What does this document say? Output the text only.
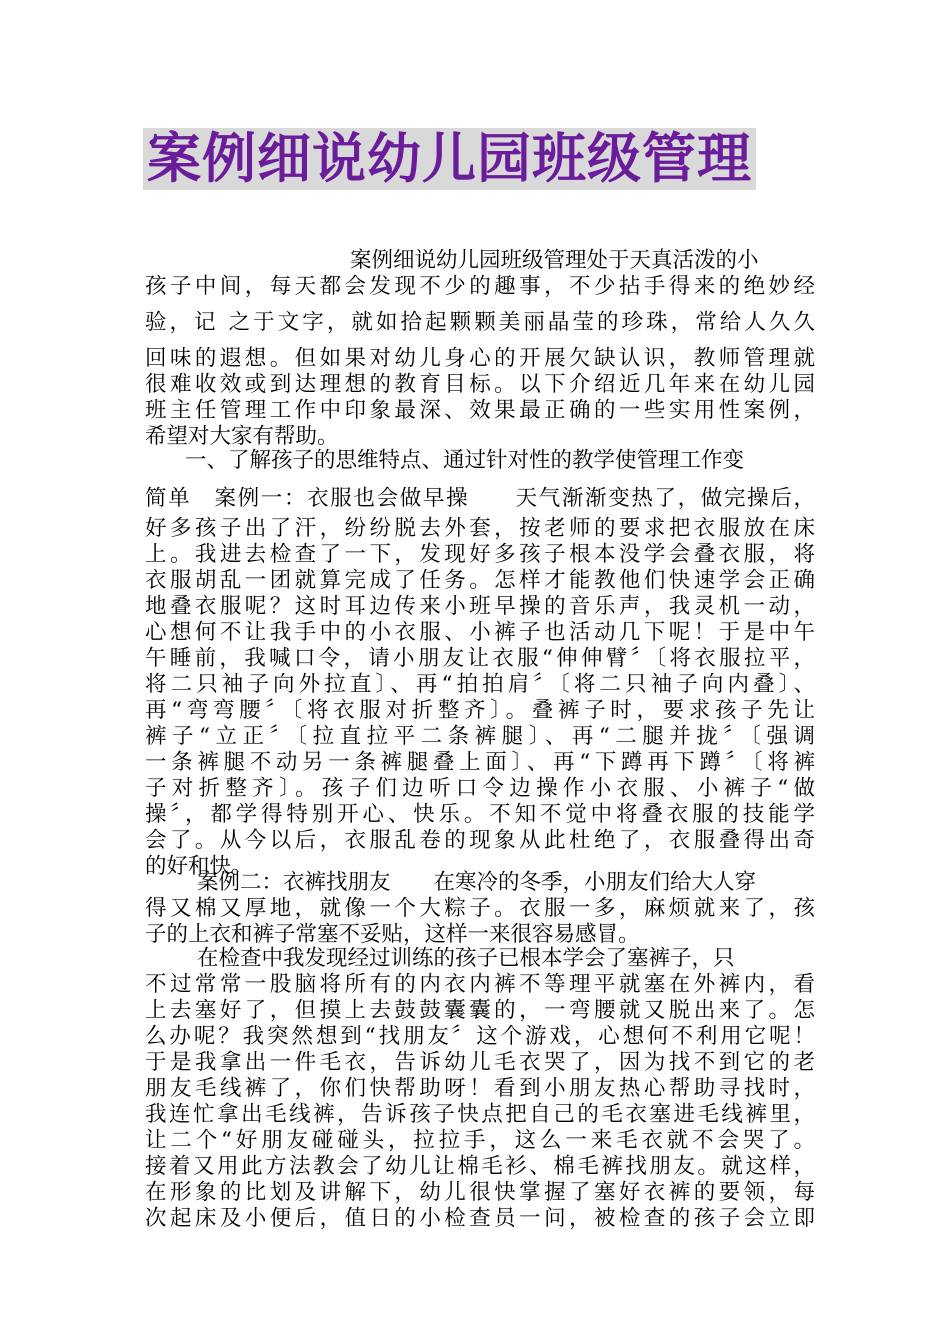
案例细说幼儿园班级管理
案例细说幼儿园班级管理处于天真活泼的小
孩子中间，每天都会发现不少的趣事，不少拈手得来的绝妙经
验，记 之于文字，就如拾起颗颗美丽晶莹的珍珠，常给人久久
回味的遐想。但如果对幼儿身心的开展欠缺认识，教师管理就
很难收效或到达理想的教育目标。以下介绍近几年来在幼儿园
班主任管理工作中印象最深、效果最正确的一些实用性案例，
希望对大家有帮助。
一、了解孩子的思维特点、通过针对性的教学使管理工作变
简单　案例一：衣服也会做早操　　天气渐渐变热了，做完操后，
好多孩子出了汗，纷纷脱去外套，按老师的要求把衣服放在床
上。我进去检查了一下，发现好多孩子根本没学会叠衣服，将
衣服胡乱一团就算完成了任务。怎样才能教他们快速学会正确
地叠衣服呢？这时耳边传来小班早操的音乐声，我灵机一动，
心想何不让我手中的小衣服、小裤子也活动几下呢！于是中午
午睡前，我喊口令，请小朋友让衣服“伸伸臂〞〔将衣服拉平，
将二只袖子向外拉直〕、再“拍拍肩〞〔将二只袖子向内叠〕、
再“弯弯腰〞〔将衣服对折整齐〕。叠裤子时，要求孩子先让
裤子“立正〞〔拉直拉平二条裤腿〕、再“二腿并拢〞〔强调
一条裤腿不动另一条裤腿叠上面〕、再“下蹲再下蹲〞〔将裤
子对折整齐〕。孩子们边听口令边操作小衣服、小裤子“做
操〞，都学得特别开心、快乐。不知不觉中将叠衣服的技能学
会了。从今以后，衣服乱卷的现象从此杜绝了，衣服叠得出奇
的好和快。
案例二：衣裤找朋友　　在寒冷的冬季，小朋友们给大人穿
得又棉又厚地，就像一个大粽子。衣服一多，麻烦就来了，孩
子的上衣和裤子常塞不妥贴，这样一来很容易感冒。
在检查中我发现经过训练的孩子已根本学会了塞裤子，只
不过常常一股脑将所有的内衣内裤不等理平就塞在外裤内，看
上去塞好了，但摸上去鼓鼓囊囊的，一弯腰就又脱出来了。怎
么办呢？我突然想到“找朋友〞这个游戏，心想何不利用它呢！
于是我拿出一件毛衣，告诉幼儿毛衣哭了，因为找不到它的老
朋友毛线裤了，你们快帮助呀！看到小朋友热心帮助寻找时，
我连忙拿出毛线裤，告诉孩子快点把自己的毛衣塞进毛线裤里，
让二个“好朋友碰碰头，拉拉手，这么一来毛衣就不会哭了。
接着又用此方法教会了幼儿让棉毛衫、棉毛裤找朋友。就这样，
在形象的比划及讲解下，幼儿很快掌握了塞好衣裤的要领，每
次起床及小便后，值日的小检查员一问，被检查的孩子会立即
